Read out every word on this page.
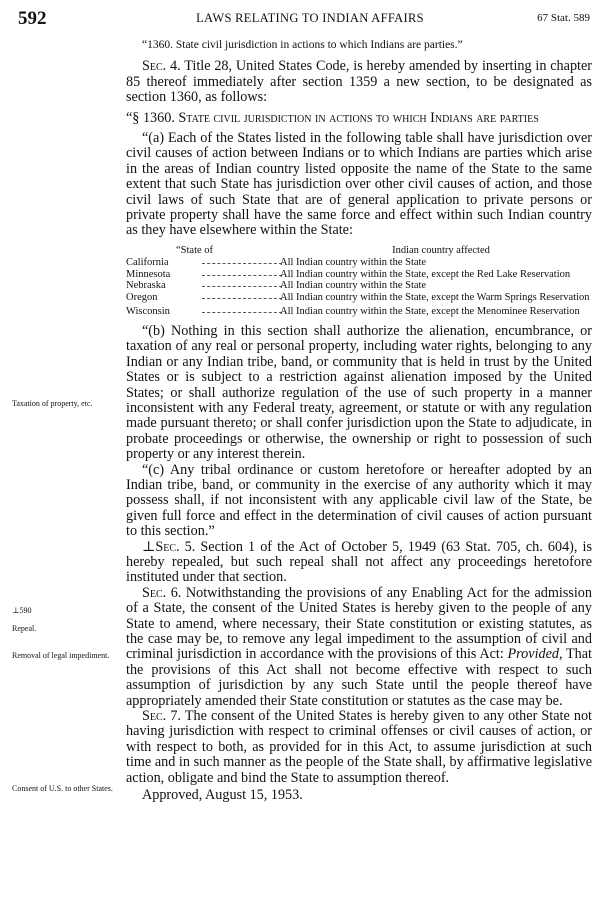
592	LAWS RELATING TO INDIAN AFFAIRS	67 Stat. 589
Taxation of property, etc.
⊥590
Repeal.
Removal of legal impediment.
Consent of U.S. to other States.

“1360. State civil jurisdiction in actions to which Indians are parties.”

Sec. 4. Title 28, United States Code, is hereby amended by inserting in chapter 85 thereof immediately after section 1359 a new section, to be designated as section 1360, as follows:

“§ 1360. State civil jurisdiction in actions to which Indians are parties

“(a) Each of the States listed in the following table shall have jurisdiction over civil causes of action between Indians or to which Indians are parties which arise in the areas of Indian country listed opposite the name of the State to the same extent that such State has jurisdiction over other civil causes of action, and those civil laws of such State that are of general application to private persons or private property shall have the same force and effect within such Indian country as they have elsewhere within the State:

“State of		Indian country affected
California		All Indian country within the State
Minnesota		All Indian country within the State, except the Red Lake Reservation
Nebraska		All Indian country within the State
Oregon		All Indian country within the State, except the Warm Springs Reservation
Wisconsin		All Indian country within the State, except the Menominee Reservation

“(b) Nothing in this section shall authorize the alienation, encumbrance, or taxation of any real or personal property, including water rights, belonging to any Indian or any Indian tribe, band, or community that is held in trust by the United States or is subject to a restriction against alienation imposed by the United States; or shall authorize regulation of the use of such property in a manner inconsistent with any Federal treaty, agreement, or statute or with any regulation made pursuant thereto; or shall confer jurisdiction upon the State to adjudicate, in probate proceedings or otherwise, the ownership or right to possession of such property or any interest therein.

“(c) Any tribal ordinance or custom heretofore or hereafter adopted by an Indian tribe, band, or community in the exercise of any authority which it may possess shall, if not inconsistent with any applicable civil law of the State, be given full force and effect in the determination of civil causes of action pursuant to this section.”

⊥Sec. 5. Section 1 of the Act of October 5, 1949 (63 Stat. 705, ch. 604), is hereby repealed, but such repeal shall not affect any proceedings heretofore instituted under that section.

Sec. 6. Notwithstanding the provisions of any Enabling Act for the admission of a State, the consent of the United States is hereby given to the people of any State to amend, where necessary, their State constitution or existing statutes, as the case may be, to remove any legal impediment to the assumption of civil and criminal jurisdiction in accordance with the provisions of this Act: Provided, That the provisions of this Act shall not become effective with respect to such assumption of jurisdiction by any such State until the people thereof have appropriately amended their State constitution or statutes as the case may be.

Sec. 7. The consent of the United States is hereby given to any other State not having jurisdiction with respect to criminal offenses or civil causes of action, or with respect to both, as provided for in this Act, to assume jurisdiction at such time and in such manner as the people of the State shall, by affirmative legislative action, obligate and bind the State to assumption thereof.

Approved, August 15, 1953.
